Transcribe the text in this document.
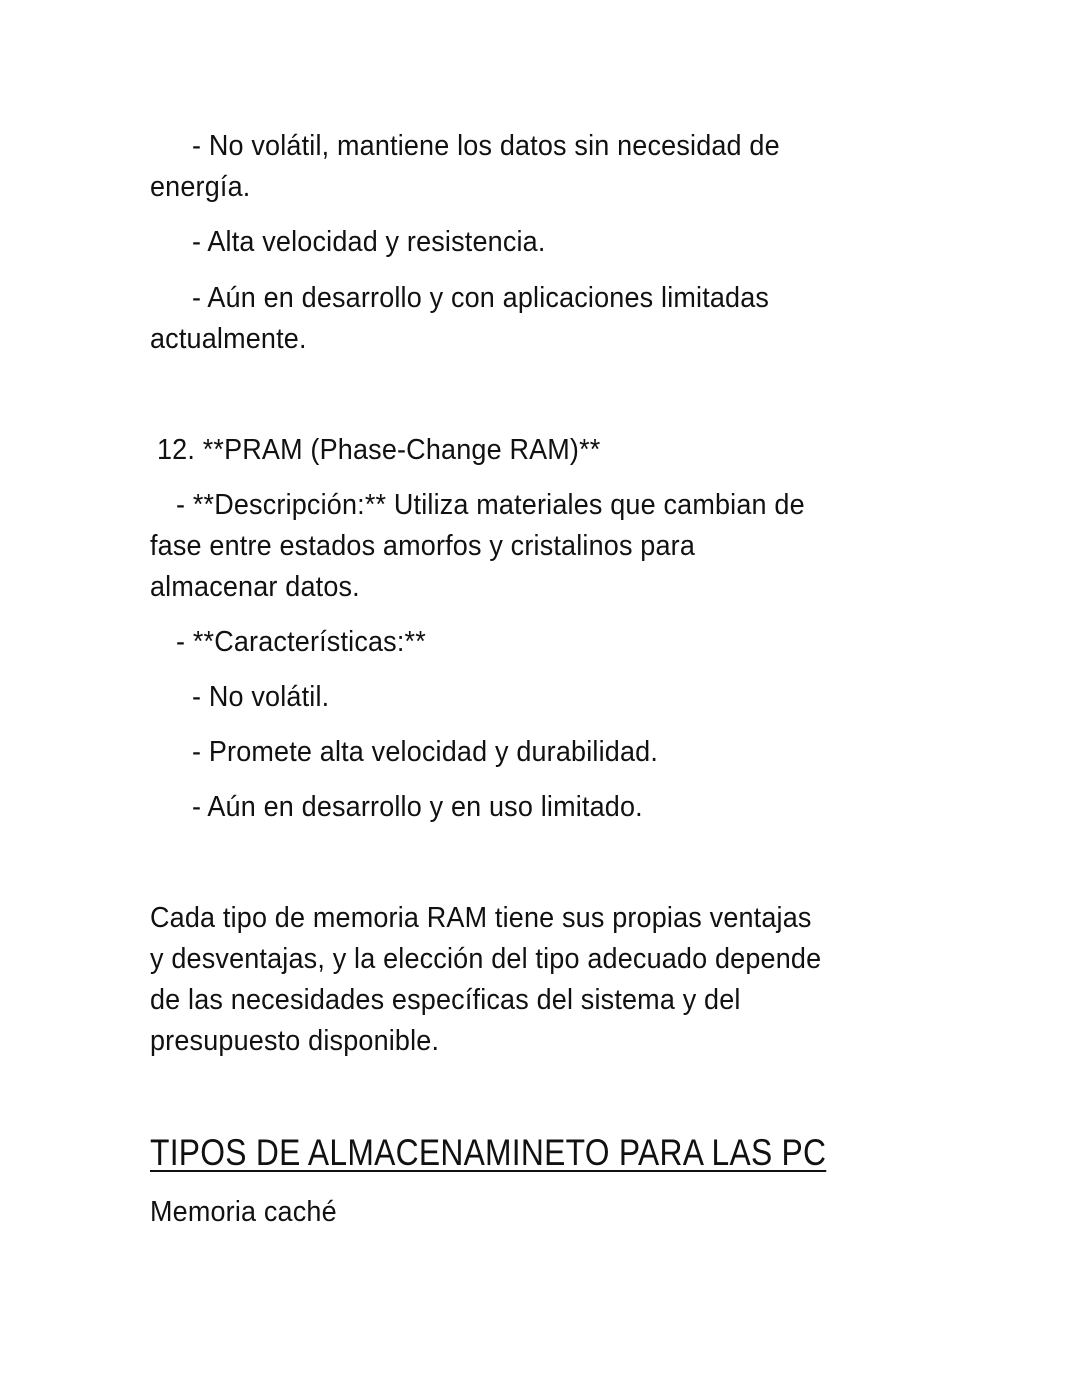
- No volátil, mantiene los datos sin necesidad de
energía.
- Alta velocidad y resistencia.
- Aún en desarrollo y con aplicaciones limitadas
actualmente.
12. **PRAM (Phase-Change RAM)**
- **Descripción:** Utiliza materiales que cambian de
fase entre estados amorfos y cristalinos para
almacenar datos.
- **Características:**
- No volátil.
- Promete alta velocidad y durabilidad.
- Aún en desarrollo y en uso limitado.
Cada tipo de memoria RAM tiene sus propias ventajas
y desventajas, y la elección del tipo adecuado depende
de las necesidades específicas del sistema y del
presupuesto disponible.
TIPOS DE ALMACENAMINETO PARA LAS PC
Memoria caché
